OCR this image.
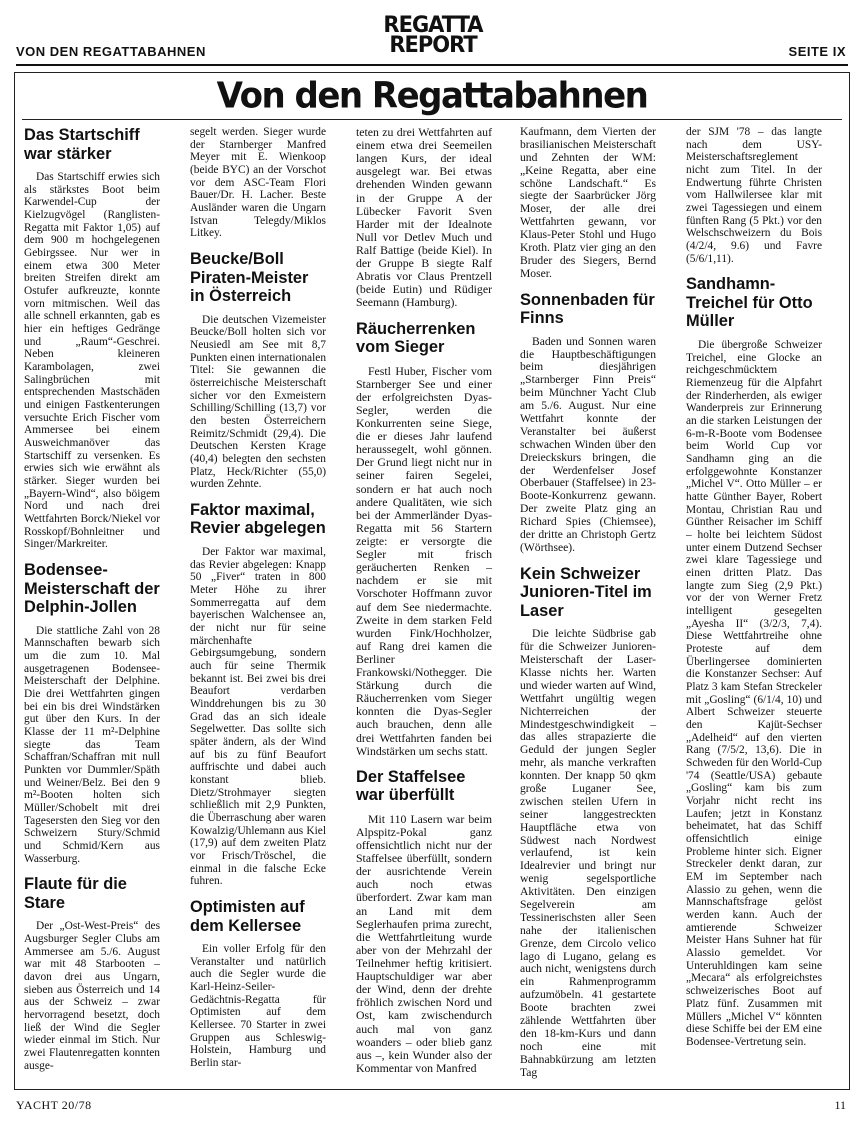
VON DEN REGATTABAHNEN
REGATTA
REPORT	SEITE IX
Von den Regattabahnen
Das Startschiff war stärker

Das Startschiff erwies sich als stärkstes Boot beim Karwendel-Cup der Kielzugvögel (Ranglisten-Regatta mit Faktor 1,05) auf dem 900 m hochgelegenen Gebirgssee. Nur wer in einem etwa 300 Meter breiten Streifen direkt am Ostufer aufkreuzte, konnte vorn mitmischen. Weil das alle schnell erkannten, gab es hier ein heftiges Gedränge und „Raum“-Geschrei. Neben kleineren Karambolagen, zwei Salingbrüchen mit entsprechenden Mastschäden und einigen Fastkenterungen versuchte Erich Fischer vom Ammersee bei einem Ausweichmanöver das Startschiff zu versenken. Es erwies sich wie erwähnt als stärker. Sieger wurden bei „Bayern-Wind“, also böigem Nord und nach drei Wettfahrten Borck/Niekel vor Rosskopf/Bohnleitner und Singer/Markreiter.

Bodensee-Meisterschaft der Delphin-Jollen

Die stattliche Zahl von 28 Mannschaften bewarb sich um die zum 10. Mal ausgetragenen Bodensee-Meisterschaft der Delphine. Die drei Wettfahrten gingen bei ein bis drei Windstärken gut über den Kurs. In der Klasse der 11 m²-Delphine siegte das Team Schaffran/Schaffran mit null Punkten vor Dummler/Späth und Weiner/Belz. Bei den 9 m²-Booten holten sich Müller/Schobelt mit drei Tagesersten den Sieg vor den Schweizern Stury/Schmid und Schmid/Kern aus Wasserburg.

Flaute für die Stare

Der „Ost-West-Preis“ des Augsburger Segler Clubs am Ammersee am 5./6. August war mit 48 Starbooten – davon drei aus Ungarn, sieben aus Österreich und 14 aus der Schweiz – zwar hervorragend besetzt, doch ließ der Wind die Segler wieder einmal im Stich. Nur zwei Flautenregatten konnten ausge-

segelt werden. Sieger wurde der Starnberger Manfred Meyer mit E. Wienkoop (beide BYC) an der Vorschot vor dem ASC-Team Flori Bauer/Dr. H. Lacher. Beste Ausländer waren die Ungarn Istvan Telegdy/Miklos Litkey.

Beucke/Boll Piraten-Meister in Österreich

Die deutschen Vizemeister Beucke/Boll holten sich vor Neusiedl am See mit 8,7 Punkten einen internationalen Titel: Sie gewannen die österreichische Meisterschaft sicher vor den Exmeistern Schilling/Schilling (13,7) vor den besten Österreichern Reimitz/Schmidt (29,4). Die Deutschen Kersten Krage (40,4) belegten den sechsten Platz, Heck/Richter (55,0) wurden Zehnte.

Faktor maximal, Revier abgelegen

Der Faktor war maximal, das Revier abgelegen: Knapp 50 „Fiver“ traten in 800 Meter Höhe zu ihrer Sommerregatta auf dem bayerischen Walchensee an, der nicht nur für seine märchenhafte Gebirgsumgebung, sondern auch für seine Thermik bekannt ist. Bei zwei bis drei Beaufort verdarben Winddrehungen bis zu 30 Grad das an sich ideale Segelwetter. Das sollte sich später ändern, als der Wind auf bis zu fünf Beaufort auffrischte und dabei auch konstant blieb. Dietz/Strohmayer siegten schließlich mit 2,9 Punkten, die Überraschung aber waren Kowalzig/Uhlemann aus Kiel (17,9) auf dem zweiten Platz vor Frisch/Tröschel, die einmal in die falsche Ecke fuhren.

Optimisten auf dem Kellersee

Ein voller Erfolg für den Veranstalter und natürlich auch die Segler wurde die Karl-Heinz-Seiler-Gedächtnis-Regatta für Optimisten auf dem Kellersee. 70 Starter in zwei Gruppen aus Schleswig-Holstein, Hamburg und Berlin star-

teten zu drei Wettfahrten auf einem etwa drei Seemeilen langen Kurs, der ideal ausgelegt war. Bei etwas drehenden Winden gewann in der Gruppe A der Lübecker Favorit Sven Harder mit der Idealnote Null vor Detlev Much und Ralf Battige (beide Kiel). In der Gruppe B siegte Ralf Abratis vor Claus Prentzell (beide Eutin) und Rüdiger Seemann (Hamburg).

Räucherrenken vom Sieger

Festl Huber, Fischer vom Starnberger See und einer der erfolgreichsten Dyas-Segler, werden die Konkurrenten seine Siege, die er dieses Jahr laufend heraussegelt, wohl gönnen. Der Grund liegt nicht nur in seiner fairen Segelei, sondern er hat auch noch andere Qualitäten, wie sich bei der Ammerländer Dyas-Regatta mit 56 Startern zeigte: er versorgte die Segler mit frisch geräucherten Renken – nachdem er sie mit Vorschoter Hoffmann zuvor auf dem See niedermachte. Zweite in dem starken Feld wurden Fink/Hochholzer, auf Rang drei kamen die Berliner Frankowski/Nothegger. Die Stärkung durch die Räucherrenken vom Sieger konnten die Dyas-Segler auch brauchen, denn alle drei Wettfahrten fanden bei Windstärken um sechs statt.

Der Staffelsee war überfüllt

Mit 110 Lasern war beim Alpspitz-Pokal ganz offensichtlich nicht nur der Staffelsee überfüllt, sondern der ausrichtende Verein auch noch etwas überfordert. Zwar kam man an Land mit dem Seglerhaufen prima zurecht, die Wettfahrtleitung wurde aber von der Mehrzahl der Teilnehmer heftig kritisiert. Hauptschuldiger war aber der Wind, denn der drehte fröhlich zwischen Nord und Ost, kam zwischendurch auch mal von ganz woanders – oder blieb ganz aus –, kein Wunder also der Kommentar von Manfred

Kaufmann, dem Vierten der brasilianischen Meisterschaft und Zehnten der WM: „Keine Regatta, aber eine schöne Landschaft.“ Es siegte der Saarbrücker Jörg Moser, der alle drei Wettfahrten gewann, vor Klaus-Peter Stohl und Hugo Kroth. Platz vier ging an den Bruder des Siegers, Bernd Moser.

Sonnenbaden für Finns

Baden und Sonnen waren die Hauptbeschäftigungen beim diesjährigen „Starnberger Finn Preis“ beim Münchner Yacht Club am 5./6. August. Nur eine Wettfahrt konnte der Veranstalter bei äußerst schwachen Winden über den Dreieckskurs bringen, die der Werdenfelser Josef Oberbauer (Staffelsee) in 23-Boote-Konkurrenz gewann. Der zweite Platz ging an Richard Spies (Chiemsee), der dritte an Christoph Gertz (Wörthsee).

Kein Schweizer Junioren-Titel im Laser

Die leichte Südbrise gab für die Schweizer Junioren-Meisterschaft der Laser-Klasse nichts her. Warten und wieder warten auf Wind, Wettfahrt ungültig wegen Nichterreichen der Mindestgeschwindigkeit – das alles strapazierte die Geduld der jungen Segler mehr, als manche verkraften konnten. Der knapp 50 qkm große Luganer See, zwischen steilen Ufern in seiner langgestreckten Hauptfläche etwa von Südwest nach Nordwest verlaufend, ist kein Idealrevier und bringt nur wenig segelsportliche Aktivitäten. Den einzigen Segelverein am Tessinerischsten aller Seen nahe der italienischen Grenze, dem Circolo velico lago di Lugano, gelang es auch nicht, wenigstens durch ein Rahmenprogramm aufzumöbeln. 41 gestartete Boote brachten zwei zählende Wettfahrten über den 18-km-Kurs und dann noch eine mit Bahnabkürzung am letzten Tag

der SJM '78 – das langte nach dem USY-Meisterschaftsreglement nicht zum Titel. In der Endwertung führte Christen vom Hallwilersee klar mit zwei Tagessiegen und einem fünften Rang (5 Pkt.) vor den Welschschweizern du Bois (4/2/4, 9.6) und Favre (5/6/1,11).

Sandhamn-Treichel für Otto Müller

Die übergroße Schweizer Treichel, eine Glocke an reichgeschmücktem Riemenzeug für die Alpfahrt der Rinderherden, als ewiger Wanderpreis zur Erinnerung an die starken Leistungen der 6-m-R-Boote vom Bodensee beim World Cup vor Sandhamn ging an die erfolggewohnte Konstanzer „Michel V“. Otto Müller – er hatte Günther Bayer, Robert Montau, Christian Rau und Günther Reisacher im Schiff – holte bei leichtem Südost unter einem Dutzend Sechser zwei klare Tagessiege und einen dritten Platz. Das langte zum Sieg (2,9 Pkt.) vor der von Werner Fretz intelligent gesegelten „Ayesha II“ (3/2/3, 7,4). Diese Wettfahrtreihe ohne Proteste auf dem Überlingersee dominierten die Konstanzer Sechser: Auf Platz 3 kam Stefan Streckeler mit „Gosling“ (6/1/4, 10) und Albert Schweizer steuerte den Kajüt-Sechser „Adelheid“ auf den vierten Rang (7/5/2, 13,6). Die in Schweden für den World-Cup '74 (Seattle/USA) gebaute „Gosling“ kam bis zum Vorjahr nicht recht ins Laufen; jetzt in Konstanz beheimatet, hat das Schiff offensichtlich einige Probleme hinter sich. Eigner Streckeler denkt daran, zur EM im September nach Alassio zu gehen, wenn die Mannschaftsfrage gelöst werden kann. Auch der amtierende Schweizer Meister Hans Suhner hat für Alassio gemeldet. Vor Unteruhldingen kam seine „Mecara“ als erfolgreichstes schweizerisches Boot auf Platz fünf. Zusammen mit Müllers „Michel V“ könnten diese Schiffe bei der EM eine Bodensee-Vertretung sein.

YACHT 20/78	11
